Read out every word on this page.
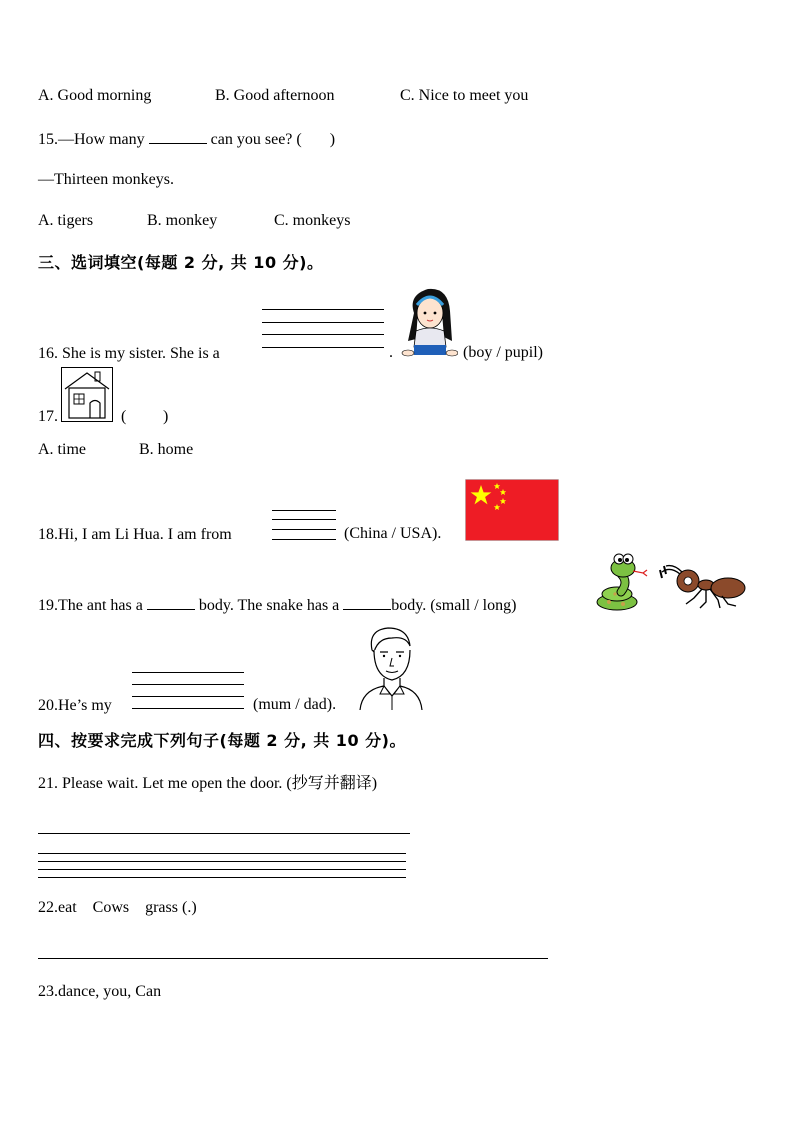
A. Good morning	B. Good afternoon	C. Nice to meet you
15.—How many	can you see? ( )
—Thirteen monkeys.
A. tigers	B. monkey	C. monkeys
三、选词填空(每题 2 分, 共 10 分)。
16. She is my sister. She is a	.	(boy / pupil)
17.	( )
A. time	B. home
18.Hi, I am Li Hua. I am from	(China / USA).
19.The ant has a	body. The snake has a	body. (small / long)
20.He’s my	(mum / dad).
四、按要求完成下列句子(每题 2 分, 共 10 分)。
21. Please wait. Let me open the door. (抄写并翻译)
22.eat    Cows    grass (.)
23.dance, you, Can
